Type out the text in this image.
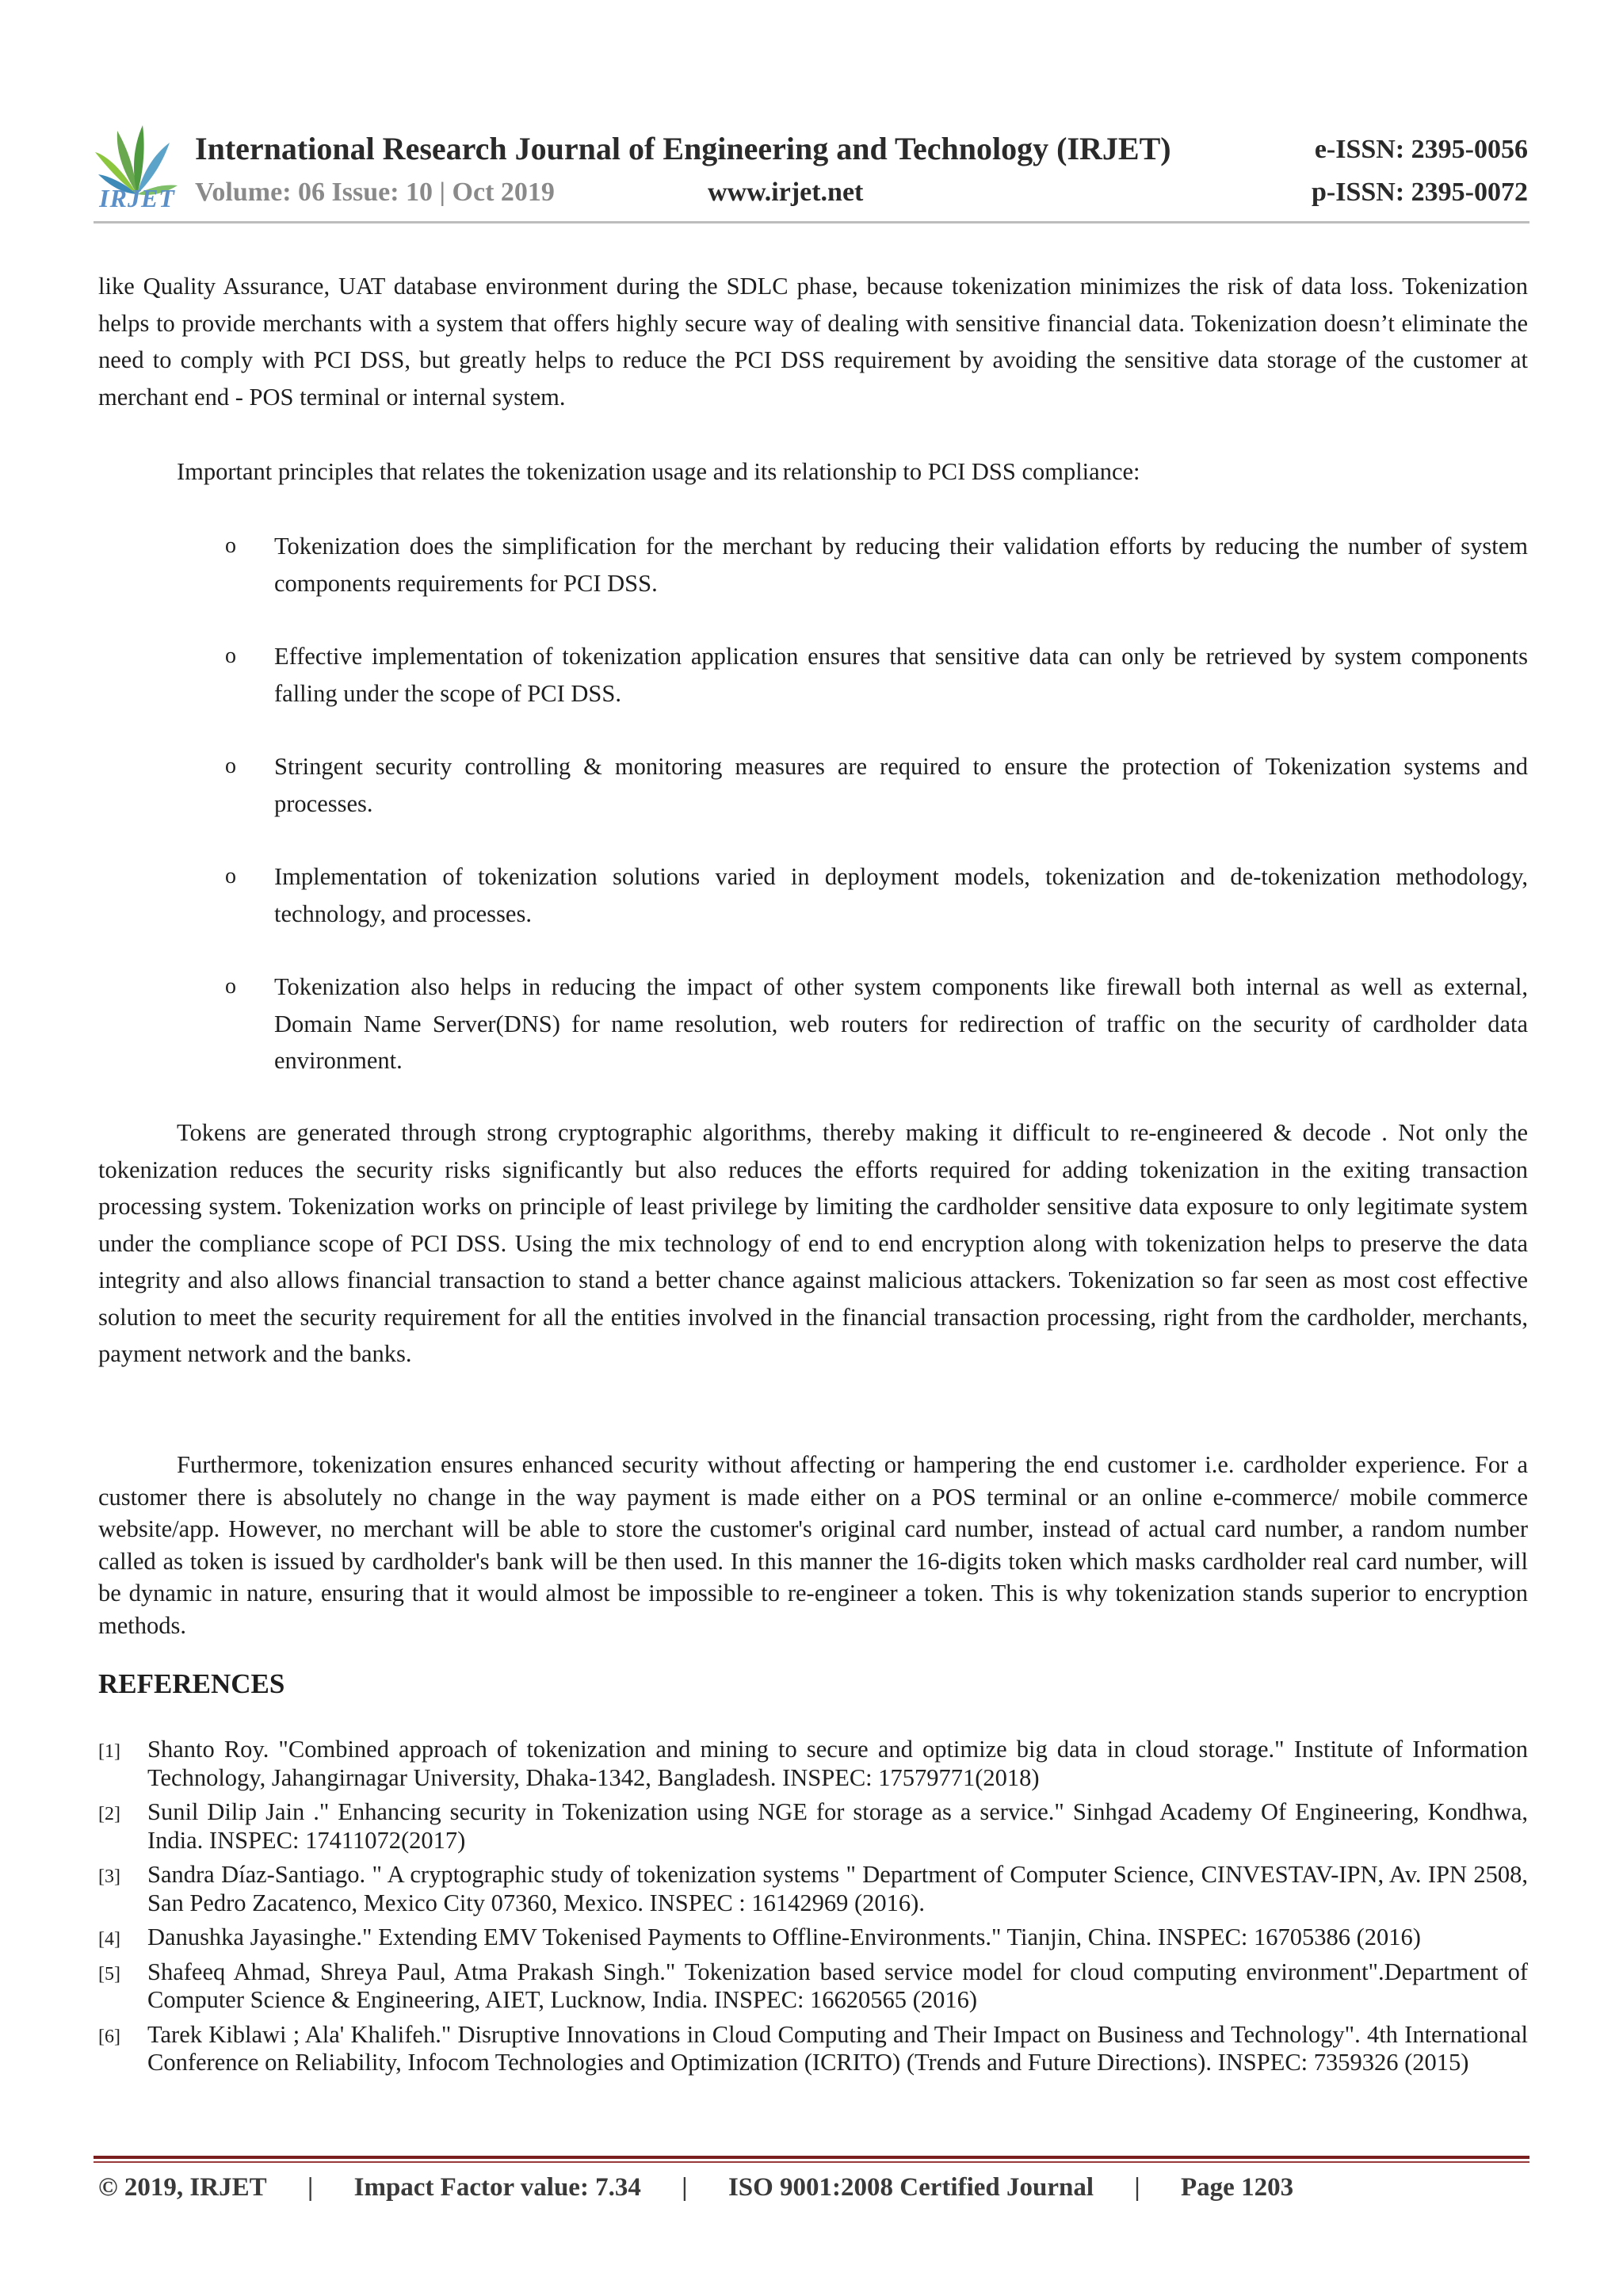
IRJET
International Research Journal of Engineering and Technology (IRJET)	e-ISSN: 2395-0056
Volume: 06 Issue: 10 | Oct 2019	www.irjet.net	p-ISSN: 2395-0072
like Quality Assurance, UAT database environment during the SDLC phase, because tokenization minimizes the risk of data loss. Tokenization helps to provide merchants with a system that offers highly secure way of dealing with sensitive financial data. Tokenization doesn’t eliminate the need to comply with PCI DSS, but greatly helps to reduce the PCI DSS requirement by avoiding the sensitive data storage of the customer at merchant end - POS terminal or internal system.
Important principles that relates the tokenization usage and its relationship to PCI DSS compliance:
o Tokenization does the simplification for the merchant by reducing their validation efforts by reducing the number of system components requirements for PCI DSS.
o Effective implementation of tokenization application ensures that sensitive data can only be retrieved by system components falling under the scope of PCI DSS.
o Stringent security controlling & monitoring measures are required to ensure the protection of Tokenization systems and processes.
o Implementation of tokenization solutions varied in deployment models, tokenization and de-tokenization methodology, technology, and processes.
o Tokenization also helps in reducing the impact of other system components like firewall both internal as well as external, Domain Name Server(DNS) for name resolution, web routers for redirection of traffic on the security of cardholder data environment.
Tokens are generated through strong cryptographic algorithms, thereby making it difficult to re-engineered & decode . Not only the tokenization reduces the security risks significantly but also reduces the efforts required for adding tokenization in the exiting transaction processing system. Tokenization works on principle of least privilege by limiting the cardholder sensitive data exposure to only legitimate system under the compliance scope of PCI DSS. Using the mix technology of end to end encryption along with tokenization helps to preserve the data integrity and also allows financial transaction to stand a better chance against malicious attackers. Tokenization so far seen as most cost effective solution to meet the security requirement for all the entities involved in the financial transaction processing, right from the cardholder, merchants, payment network and the banks.
Furthermore, tokenization ensures enhanced security without affecting or hampering the end customer i.e. cardholder experience. For a customer there is absolutely no change in the way payment is made either on a POS terminal or an online e-commerce/ mobile commerce website/app. However, no merchant will be able to store the customer's original card number, instead of actual card number, a random number called as token is issued by cardholder's bank will be then used. In this manner the 16-digits token which masks cardholder real card number, will be dynamic in nature, ensuring that it would almost be impossible to re-engineer a token. This is why tokenization stands superior to encryption methods.
REFERENCES
[1] Shanto Roy. "Combined approach of tokenization and mining to secure and optimize big data in cloud storage." Institute of Information Technology, Jahangirnagar University, Dhaka-1342, Bangladesh. INSPEC: 17579771(2018)
[2] Sunil Dilip Jain ." Enhancing security in Tokenization using NGE for storage as a service." Sinhgad Academy Of Engineering, Kondhwa, India. INSPEC: 17411072(2017)
[3] Sandra Díaz-Santiago. " A cryptographic study of tokenization systems " Department of Computer Science, CINVESTAV-IPN, Av. IPN 2508, San Pedro Zacatenco, Mexico City 07360, Mexico. INSPEC : 16142969 (2016).
[4] Danushka Jayasinghe." Extending EMV Tokenised Payments to Offline-Environments." Tianjin, China. INSPEC: 16705386 (2016)
[5] Shafeeq Ahmad, Shreya Paul, Atma Prakash Singh." Tokenization based service model for cloud computing environment".Department of Computer Science & Engineering, AIET, Lucknow, India. INSPEC: 16620565 (2016)
[6] Tarek Kiblawi ; Ala' Khalifeh." Disruptive Innovations in Cloud Computing and Their Impact on Business and Technology". 4th International Conference on Reliability, Infocom Technologies and Optimization (ICRITO) (Trends and Future Directions). INSPEC: 7359326 (2015)
© 2019, IRJET | Impact Factor value: 7.34 | ISO 9001:2008 Certified Journal | Page 1203
